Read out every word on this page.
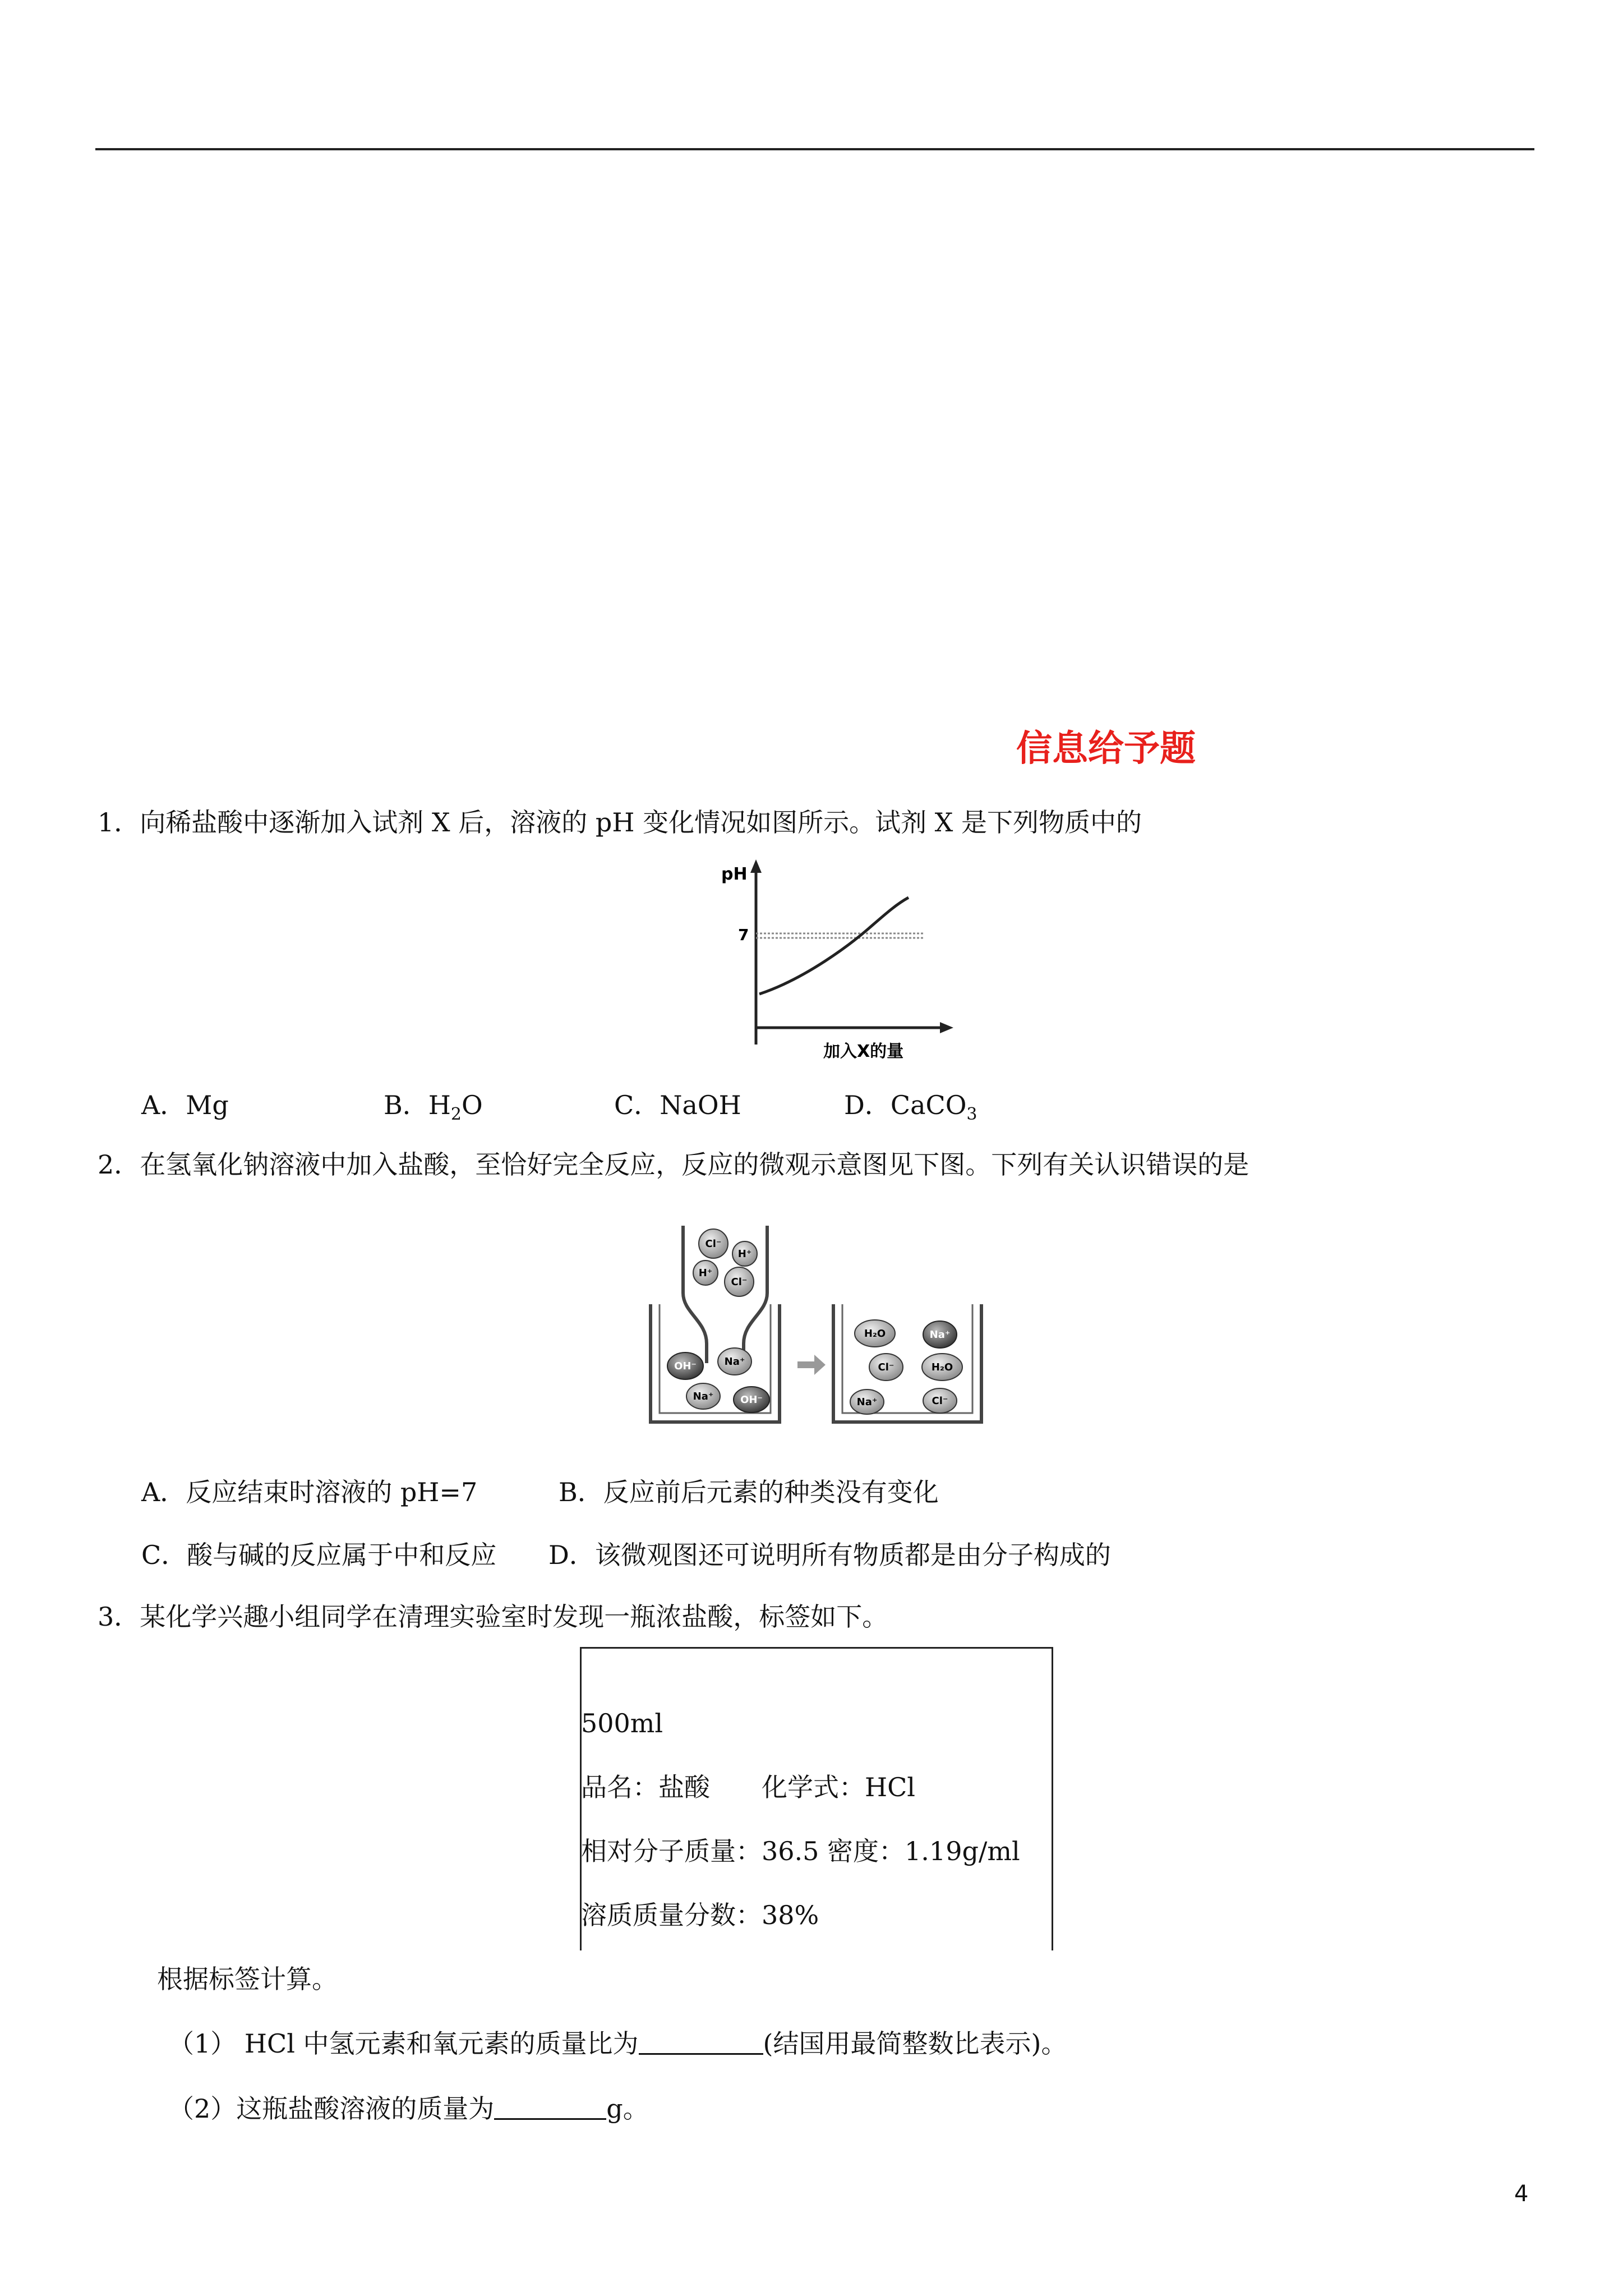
信息给予题
1．向稀盐酸中逐渐加入试剂 X 后，溶液的 pH 变化情况如图所示。试剂 X 是下列物质中的
pH
7
加入X的量
A．Mg	B．$H_2O$	C．NaOH	D．CaCO$_3$
2．在氢氧化钠溶液中加入盐酸，至恰好完全反应，反应的微观示意图见下图。下列有关认识错误的是
Cl⁻
H⁺
H⁺
Cl⁻
OH⁻	Na⁺
Na⁺	OH⁻
H₂O	Na⁺
Cl⁻	H₂O
Na⁺	Cl⁻
A．反应结束时溶液的 pH=7	B．反应前后元素的种类没有变化
C．酸与碱的反应属于中和反应 D．该微观图还可说明所有物质都是由分子构成的
3．某化学兴趣小组同学在清理实验室时发现一瓶浓盐酸，标签如下。
500ml
品名：盐酸　　化学式：HCl
相对分子质量：36.5 密度：1.19g/ml
溶质质量分数：38%
根据标签计算。
（1） HCl 中氢元素和氧元素的质量比为	(结国用最简整数比表示)。
（2）这瓶盐酸溶液的质量为	g。
4
